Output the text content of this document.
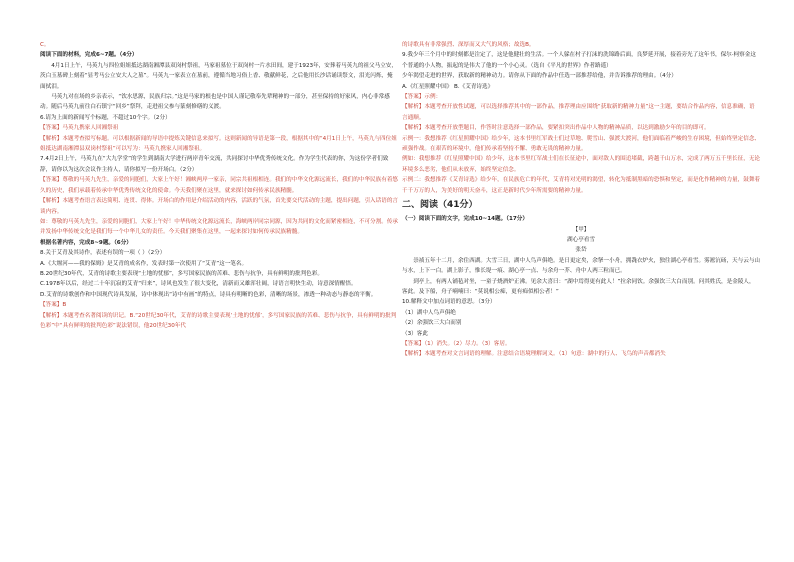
C。

阅读下面的材料，完成6~7题。（4分）

4月1日上午，马英九与四位姐姐抵达湖南湘潭县双岗村祭祖，马家祖墓位于双岗村一片水田间，建于1923年，安葬着马英九的祖父马立安，茨白玉墓碑上刻着“显考马公立安大人之墓”。马英九一家表立在墓前，遵循当地习俗上香、敬献鲜花，之后他用长沙话诵读祭文，泪光闪烁，掩面拭泪。

马英九对在场的乡亲表示，“饮水思源，民族归宗。”这是马家的根也是中国人谨记敬奉先辈精神的一部分，甚至保持的好家风，内心非常感动。随后马英九前往白石镇宁“回乡”祭拜，走进祖父参与篆刻修缮的义渡。

6.请为上面的新闻写个标题，不超过10个字。（2分）

【答案】马英九携家人回湘祭祖

【解析】本题考查拟写标题。可以根据新闻的导语中提炼关键信息来拟写。这则新闻的导语是第一段，根据其中的“4月1日上午，马英九与四位姐姐抵达湖南湘潭县双岗村祭祖”可以写为：马英九携家人回湘祭祖。

7.4月2日上午，马英九在“大九学堂”的学生到湖南大学进行两岸青年交流，共同探讨中华优秀传统文化。作为学生代表的你，为这份学者们致辞，请你以为这次会议作主持人，请你拟写一份开场白。（2分）

【答案】尊敬的马英九先生，亲爱的同胞们，大家上午好！湘峡两岸一家亲，同宗共祖根相连。我们的中华文化源远流长，我们的中华民族有着悠久的历史，我们承载着传承中华优秀传统文化的使命。今天我们聚在这里，就来探讨如何传承民族精髓。

【解析】本题考查语言表达简明、连贯、得体。开场白的作用是介绍活动的内容，活跃的气氛，首先要交代活动的主题，提出问题，引入话语的言谈内容。

如：尊敬的马英九先生，亲爱的同胞们，大家上午好！中华传统文化源远流长，海峡两岸同宗同源，因为共同的文化而紧密相连，不可分割。传承并发扬中华传统文化是我们每一个中华儿女的责任。今天我们聚集在这里，一起来探讨如何传承民族精髓。

根据名著内容，完成8~9题。（6分）

8.关于艾青及其诗作，表述有误的一项（ ）（2分）

A.《大堰河——我的保姆》是艾青的成名作，发表时第一次使用了“艾青”这一笔名。

B.20世纪30年代，艾青的诗歌主要表现“土地的忧郁”，多写国家民族的苦难、悲伤与抗争，具有鲜明的批判色彩。

C.1978年以后，经过二十年沉寂的艾青“归来”，诗风也发生了很大变化，清新而又雄浑壮阔，诗语言明快生动，诗意深情醒悟。

D.艾青的诗歌创作和中国现代诗具发展，诗中体现出“诗中有画”的特点，诗具有明晰的色彩，清晰的场景，渗透一种动态与静态的平衡。

【答案】B

【解析】本题考查名著阅读的识记。B.“20世纪30年代，艾青的诗歌主要表现‘土地的忧郁’，多写国家民族的苦难、悲伤与抗争，具有鲜明的批判色彩”中“具有鲜明的批判色彩”说法错误，他20世纪30年代

的诗歌具有非常强烈、深厚而又大气的风格；故选B。

9.我少年三个月中的时刻都是注定了，这是他健壮的生活。一个人躲在村子打沫的洗锦路后面，良梦延开展，接着旁光了这年书，保尔·柯察金这个普通的小人物，振起的是伟大了他的一个小心灵。（选自《平凡的世界》作者路遥）

少年渴望走进的世界，获取新的精神动力。请你从下面的作品中任选一部推荐给他，并告诉推荐的理由。（4分）

A.《红星照耀中国》 B.《艾青诗选》

【答案】示例：

【解析】本题考查开放性试题，可以选择推荐其中的一部作品，推荐理由应围绕“获取新的精神力量”这一主题，要结合作品内容，信息准确，语言通顺。

【解析】本题考查开放型题目，作答时注意选择一部作品，要紧扣突出作品中人物的精神品质，以达到激励少年的目的即可。

示例一：我想推荐《红星照耀中国》给少年，这本书里红军战士们过草地、爬雪山、强渡大渡河，他们面临着严峻的生存困境，但始终坚定信念、顽强作战。在艰苦的环境中，他们传承着坚持不懈、勇敢无畏的精神力量。

例如：我想推荐《红星照耀中国》给少年，这本书里红军战士们在长征途中，面对敌人的围追堵截，跨越千山万水，完成了两万五千里长征，无论环境多么恶劣，他们从未放弃，始终坚定信念。

示例二：我想推荐《艾青诗选》给少年，在民族危亡的年代，艾青将对光明的渴望，转化为抵制黑暗的恐惧和坚定，而是化作精神的力量，鼓舞着千千万万的人，为美好的明天奋斗，这正是新时代少年所需要的精神力量。

二、阅读（41分）

（一）阅读下面的文字，完成10~14题。（17分）

【甲】

湖心亭看雪

张岱

崇祯五年十二月，余住西湖。大雪三日，湖中人鸟声俱绝。是日更定矣，余拏一小舟，拥毳衣炉火，独往湖心亭看雪。雾凇沆砀，天与云与山与水，上下一白。湖上影子，惟长堤一痕、湖心亭一点、与余舟一芥、舟中人两三粒而已。

到亭上，有两人铺毡对坐，一童子烧酒炉正沸。见余大喜曰：“湖中焉得更有此人！”拉余同饮。余强饮三大白而别。问其姓氏，是金陵人，客此。及下船，舟子喃喃曰：“莫说相公痴，更有痴似相公者！”

10.解释文中加点词语的意思。（3分）

（1）湖中人鸟声俱绝

（2）余强饮三大白而别

（3）客此

【答案】（1）消失。（2）尽力。（3）客居。

【解析】本题考查对文言词语的理解。注意结合语境理解词义。（1）句意：湖中的行人、飞鸟的声音都消失
